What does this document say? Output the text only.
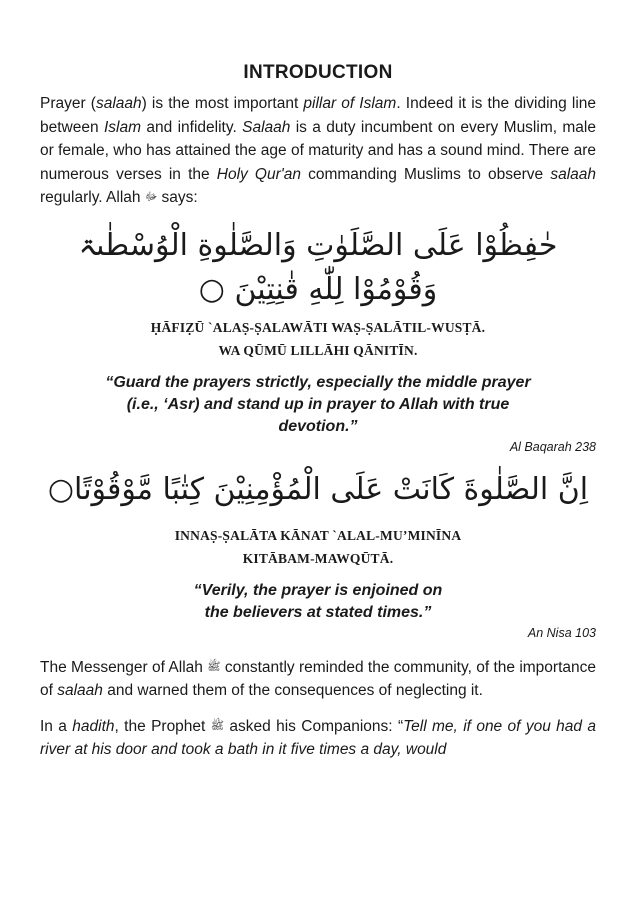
INTRODUCTION

Prayer (salaah) is the most important pillar of Islam. Indeed it is the dividing line between Islam and infidelity. Salaah is a duty incumbent on every Muslim, male or female, who has attained the age of maturity and has a sound mind. There are numerous verses in the Holy Qur'an commanding Muslims to observe salaah regularly. Allah ﷻ says:

حٰفِظُوْا عَلَى الصَّلَوٰتِ وَالصَّلٰوةِ الْوُسْطٰىۃ

وَقُوْمُوْا لِلّٰهِ قٰنِتِيْنَ ○

ḤĀFIẒŪ `ALAṢ-ṢALAWĀTI WAṢ-ṢALĀTIL-WUSṬĀ.
WA QŪMŪ LILLĀHI QĀNITĪN.
“Guard the prayers strictly, especially the middle prayer (i.e., ‘Asr) and stand up in prayer to Allah with true devotion.”
Al Baqarah 238

اِنَّ الصَّلٰوةَ كَانَتْ عَلَى الْمُؤْمِنِيْنَ كِتٰبًا مَّوْقُوْتًا○

INNAṢ-ṢALĀTA KĀNAT `ALAL-MU’MINĪNA
KITĀBAM-MAWQŪTĀ.
“Verily, the prayer is enjoined on
the believers at stated times.”
An Nisa 103

The Messenger of Allah ﷺ constantly reminded the community, of the importance of salaah and warned them of the consequences of neglecting it.

In a hadith, the Prophet ﷺ asked his Companions: “Tell me, if one of you had a river at his door and took a bath in it five times a day, would
